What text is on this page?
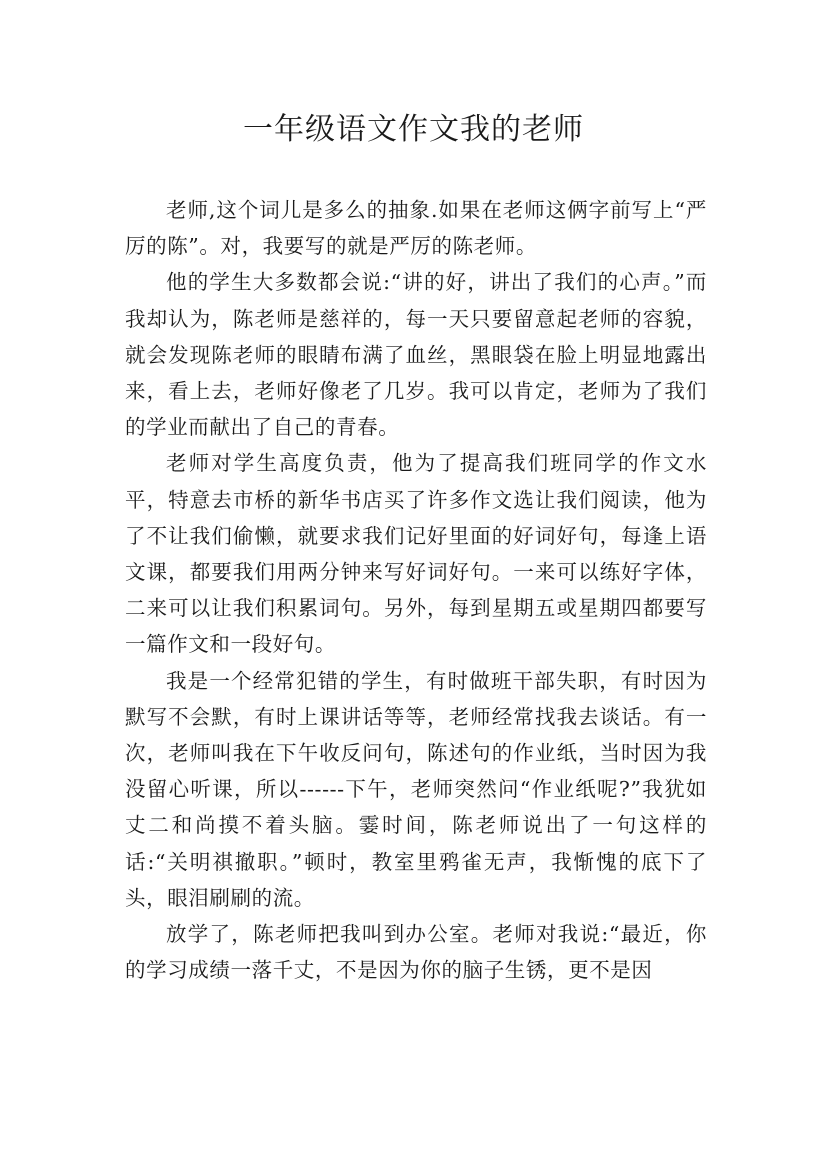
一年级语文作文我的老师

老师,这个词儿是多么的抽象.如果在老师这俩字前写上“严厉的陈”。对，我要写的就是严厉的陈老师。

他的学生大多数都会说:“讲的好，讲出了我们的心声。”而我却认为，陈老师是慈祥的，每一天只要留意起老师的容貌，就会发现陈老师的眼睛布满了血丝，黑眼袋在脸上明显地露出来，看上去，老师好像老了几岁。我可以肯定，老师为了我们的学业而献出了自己的青春。

老师对学生高度负责，他为了提高我们班同学的作文水平，特意去市桥的新华书店买了许多作文选让我们阅读，他为了不让我们偷懒，就要求我们记好里面的好词好句，每逢上语文课，都要我们用两分钟来写好词好句。一来可以练好字体，二来可以让我们积累词句。另外，每到星期五或星期四都要写一篇作文和一段好句。

我是一个经常犯错的学生，有时做班干部失职，有时因为默写不会默，有时上课讲话等等，老师经常找我去谈话。有一次，老师叫我在下午收反问句，陈述句的作业纸，当时因为我没留心听课，所以------下午，老师突然问“作业纸呢?”我犹如丈二和尚摸不着头脑。霎时间，陈老师说出了一句这样的话:“关明祺撤职。”顿时，教室里鸦雀无声，我惭愧的底下了头，眼泪刷刷的流。

放学了，陈老师把我叫到办公室。老师对我说:“最近，你的学习成绩一落千丈，不是因为你的脑子生锈，更不是因
